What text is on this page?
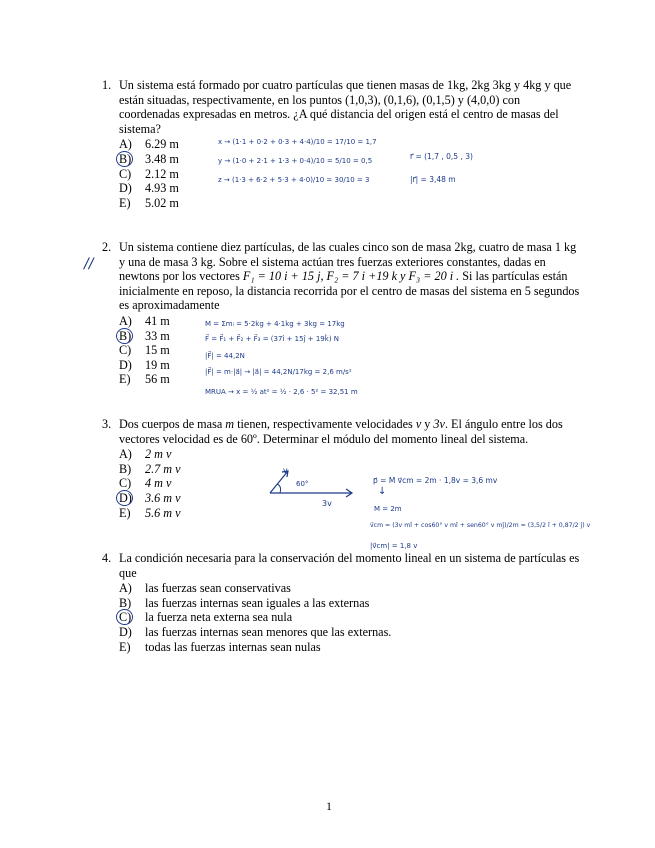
1. Un sistema está formado por cuatro partículas que tienen masas de 1kg, 2kg 3kg y 4kg y que están situadas, respectivamente, en los puntos (1,0,3), (0,1,6), (0,1,5) y (4,0,0) con coordenadas expresadas en metros. ¿A qué distancia del origen está el centro de masas del sistema?
A) 6.29 m
B) 3.48 m
C) 2.12 m
D) 4.93 m
E) 5.02 m
x → (1·1 + 0·2 + 0·3 + 4·4)/10 = 17/10 = 1,7
y → (1·0 + 2·1 + 1·3 + 0·4)/10 = 5/10 = 0,5
z → (1·3 + 6·2 + 5·3 + 4·0)/10 = 30/10 = 3
r⃗ = (1,7 , 0,5 , 3)
|r⃗| = 3,48 m
//
2. Un sistema contiene diez partículas, de las cuales cinco son de masa 2kg, cuatro de masa 1 kg y una de masa 3 kg. Sobre el sistema actúan tres fuerzas exteriores constantes, dadas en newtons por los vectores F₁ = 10 i + 15 j, F₂ = 7 i +19 k y F₃ = 20 i . Si las partículas están inicialmente en reposo, la distancia recorrida por el centro de masas del sistema en 5 segundos es aproximadamente
A) 41 m
B) 33 m
C) 15 m
D) 19 m
E) 56 m
M = Σmᵢ = 5·2kg + 4·1kg + 3kg = 17kg
F⃗ = F⃗₁ + F⃗₂ + F⃗₃ = (37î + 15ĵ + 19k̂) N
|F⃗| = 44,2N
|F⃗| = m·|a⃗| → |a⃗| = 44,2N/17kg = 2,6 m/s²
MRUA → x = ½ at² = ½ · 2,6 · 5² = 32,51 m
3. Dos cuerpos de masa m tienen, respectivamente velocidades v y 3v. El ángulo entre los dos vectores velocidad es de 60º. Determinar el módulo del momento lineal del sistema.
A) 2 m v
B) 2.7 m v
C) 4 m v
D) 3.6 m v
E) 5.6 m v
v
60°
3v
p⃗ = M v⃗cm = 2m · 1,8v = 3,6 mv
↓
M = 2m
v⃗cm = (3v mî + cos60° v mî + sen60° v mĵ)/2m = (3,5/2 î + 0,87/2 ĵ) v
|v⃗cm| = 1,8 v
4. La condición necesaria para la conservación del momento lineal en un sistema de partículas es que
A) las fuerzas sean conservativas
B) las fuerzas internas sean iguales a las externas
C) la fuerza neta externa sea nula
D) las fuerzas internas sean menores que las externas.
E) todas las fuerzas internas sean nulas
1
